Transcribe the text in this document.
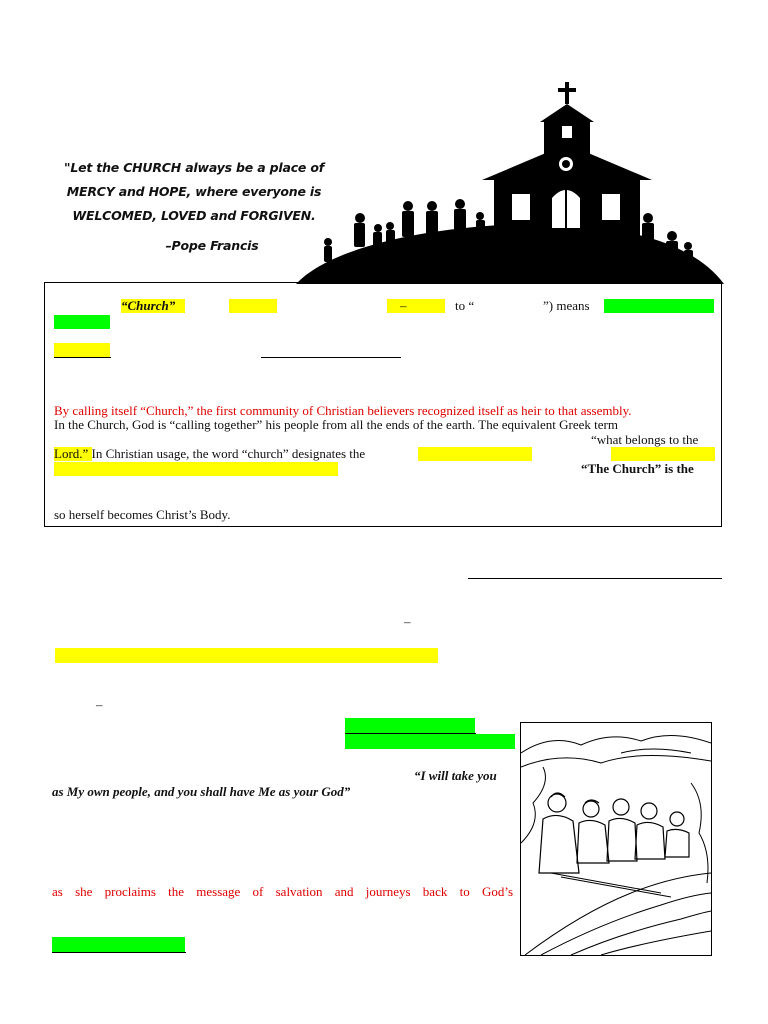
"Let the CHURCH always be a place of
MERCY and HOPE, where everyone is
WELCOMED, LOVED and FORGIVEN.
–Pope Francis
“Church”	–	to “	”) means
By calling itself “Church,” the first community of Christian believers recognized itself as heir to that assembly.
In the Church, God is “calling together” his people from all the ends of the earth. The equivalent Greek term
“what belongs to the
Lord.” In Christian usage, the word “church” designates the
“The Church” is the
so herself becomes Christ’s Body.
–
–
“I will take you
as My own people, and you shall have Me as your God”
as she proclaims the message of salvation and journeys back to God’s
